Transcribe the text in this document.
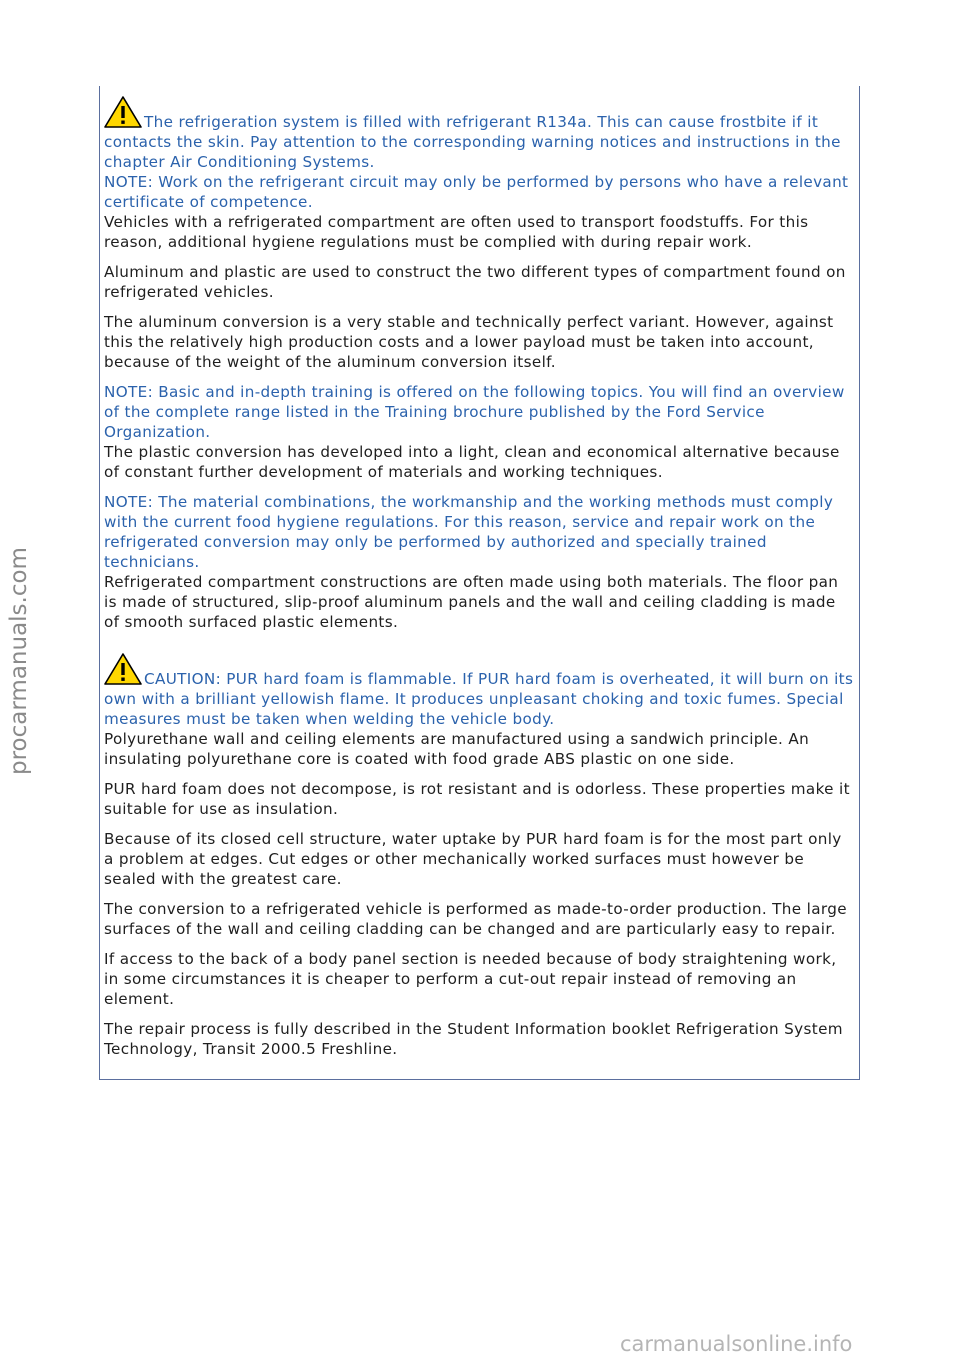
The refrigeration system is filled with refrigerant R134a. This can cause frostbite if it contacts the skin. Pay attention to the corresponding warning notices and instructions in the chapter Air Conditioning Systems.

NOTE: Work on the refrigerant circuit may only be performed by persons who have a relevant certificate of competence.

Vehicles with a refrigerated compartment are often used to transport foodstuffs. For this reason, additional hygiene regulations must be complied with during repair work.

Aluminum and plastic are used to construct the two different types of compartment found on refrigerated vehicles.

The aluminum conversion is a very stable and technically perfect variant. However, against this the relatively high production costs and a lower payload must be taken into account, because of the weight of the aluminum conversion itself.

NOTE: Basic and in-depth training is offered on the following topics. You will find an overview of the complete range listed in the Training brochure published by the Ford Service Organization.

The plastic conversion has developed into a light, clean and economical alternative because of constant further development of materials and working techniques.

NOTE: The material combinations, the workmanship and the working methods must comply with the current food hygiene regulations. For this reason, service and repair work on the refrigerated conversion may only be performed by authorized and specially trained technicians.

Refrigerated compartment constructions are often made using both materials. The floor pan is made of structured, slip-proof aluminum panels and the wall and ceiling cladding is made of smooth surfaced plastic elements.

CAUTION: PUR hard foam is flammable. If PUR hard foam is overheated, it will burn on its own with a brilliant yellowish flame. It produces unpleasant choking and toxic fumes. Special measures must be taken when welding the vehicle body.

Polyurethane wall and ceiling elements are manufactured using a sandwich principle. An insulating polyurethane core is coated with food grade ABS plastic on one side.

PUR hard foam does not decompose, is rot resistant and is odorless. These properties make it suitable for use as insulation.

Because of its closed cell structure, water uptake by PUR hard foam is for the most part only a problem at edges. Cut edges or other mechanically worked surfaces must however be sealed with the greatest care.

The conversion to a refrigerated vehicle is performed as made-to-order production. The large surfaces of the wall and ceiling cladding can be changed and are particularly easy to repair.

If access to the back of a body panel section is needed because of body straightening work, in some circumstances it is cheaper to perform a cut-out repair instead of removing an element.

The repair process is fully described in the Student Information booklet Refrigeration System Technology, Transit 2000.5 Freshline.

procarmanuals.com
carmanualsonline.info
